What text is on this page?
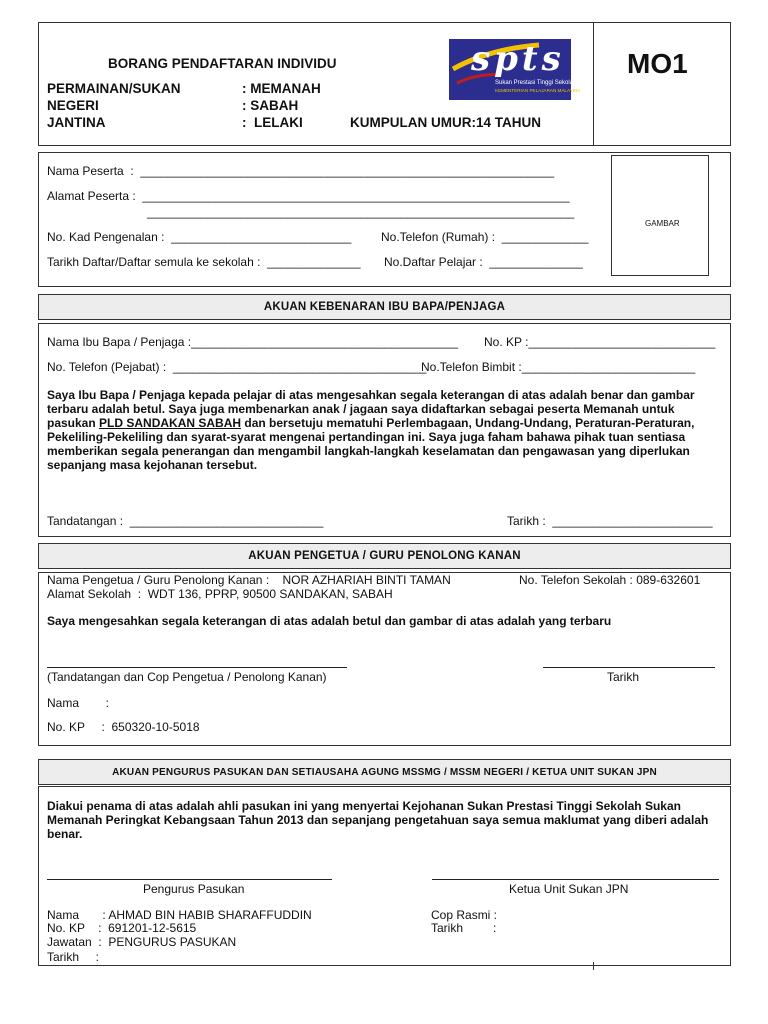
BORANG PENDAFTARAN INDIVIDU
PERMAINAN/SUKAN	: MEMANAH
NEGERI	: SABAH
JANTINA	:  LELAKI	KUMPULAN UMUR:14 TAHUN
spts
Sukan Prestasi Tinggi Sekolah
KEMENTERIAN PELAJARAN MALAYSIA
MO1
Nama Peserta  :  ______________________________________________________________
Alamat Peserta :  ________________________________________________________________
________________________________________________________________
No. Kad Pengenalan :  ___________________________ No.Telefon (Rumah) :  _____________
Tarikh Daftar/Daftar semula ke sekolah :  ______________ No.Daftar Pelajar :  ______________
GAMBAR
AKUAN KEBENARAN IBU BAPA/PENJAGA
Nama Ibu Bapa / Penjaga :________________________________________ No. KP :____________________________
No. Telefon (Pejabat) :  ______________________________________
No.Telefon Bimbit :__________________________
Saya Ibu Bapa / Penjaga kepada pelajar di atas mengesahkan segala keterangan di atas adalah benar dan gambar terbaru adalah betul. Saya juga membenarkan anak / jagaan saya didaftarkan sebagai peserta Memanah untuk pasukan PLD SANDAKAN SABAH dan bersetuju mematuhi Perlembagaan, Undang-Undang, Peraturan-Peraturan, Pekeliling-Pekeliling dan syarat-syarat mengenai pertandingan ini. Saya juga faham bahawa pihak tuan sentiasa memberikan segala penerangan dan mengambil langkah-langkah keselamatan dan pengawasan yang diperlukan sepanjang masa kejohanan tersebut.
Tandatangan :  _____________________________	Tarikh :  ________________________
AKUAN PENGETUA / GURU PENOLONG KANAN
Nama Pengetua / Guru Penolong Kanan :    NOR AZHARIAH BINTI TAMAN	No. Telefon Sekolah : 089-632601
Alamat Sekolah  :  WDT 136, PPRP, 90500 SANDAKAN, SABAH
Saya mengesahkan segala keterangan di atas adalah betul dan gambar di atas adalah yang terbaru
(Tandatangan dan Cop Pengetua / Penolong Kanan)	Tarikh
Nama        :
No. KP     :  650320-10-5018
AKUAN PENGURUS PASUKAN DAN SETIAUSAHA AGUNG MSSMG / MSSM NEGERI / KETUA UNIT SUKAN JPN
Diakui penama di atas adalah ahli pasukan ini yang menyertai Kejohanan Sukan Prestasi Tinggi Sekolah Sukan Memanah Peringkat Kebangsaan Tahun 2013 dan sepanjang pengetahuan saya semua maklumat yang diberi adalah benar.
Pengurus Pasukan	Ketua Unit Sukan JPN
Nama       : AHMAD BIN HABIB SHARAFFUDDIN
No. KP    :  691201-12-5615
Jawatan  :  PENGURUS PASUKAN
Tarikh     :
Cop Rasmi :
Tarikh         :
